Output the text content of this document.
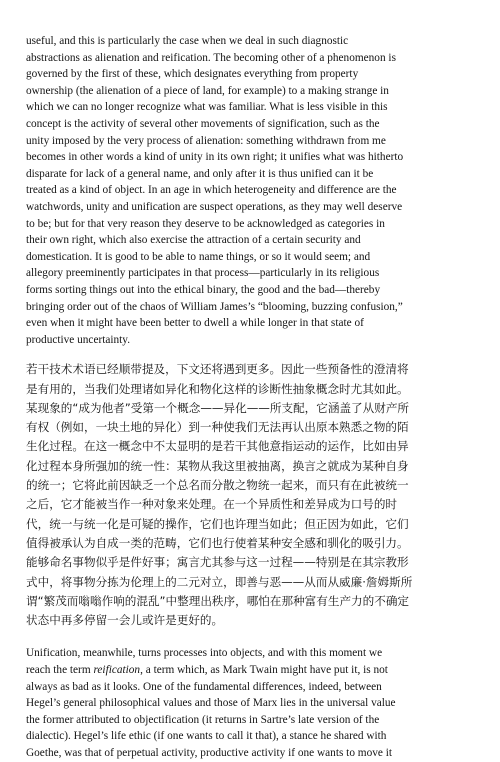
useful, and this is particularly the case when we deal in such diagnostic
abstractions as alienation and reification. The becoming other of a phenomenon is
governed by the first of these, which designates everything from property
ownership (the alienation of a piece of land, for example) to a making strange in
which we can no longer recognize what was familiar. What is less visible in this
concept is the activity of several other movements of signification, such as the
unity imposed by the very process of alienation: something withdrawn from me
becomes in other words a kind of unity in its own right; it unifies what was hitherto
disparate for lack of a general name, and only after it is thus unified can it be
treated as a kind of object. In an age in which heterogeneity and difference are the
watchwords, unity and unification are suspect operations, as they may well deserve
to be; but for that very reason they deserve to be acknowledged as categories in
their own right, which also exercise the attraction of a certain security and
domestication. It is good to be able to name things, or so it would seem; and
allegory preeminently participates in that process—particularly in its religious
forms sorting things out into the ethical binary, the good and the bad—thereby
bringing order out of the chaos of William James’s “blooming, buzzing confusion,”
even when it might have been better to dwell a while longer in that state of
productive uncertainty.

若干技术术语已经顺带提及，下文还将遇到更多。因此一些预备性的澄清将
是有用的，当我们处理诸如异化和物化这样的诊断性抽象概念时尤其如此。
某现象的“成为他者”受第一个概念——异化——所支配，它涵盖了从财产所
有权（例如，一块土地的异化）到一种使我们无法再认出原本熟悉之物的陌
生化过程。在这一概念中不太显明的是若干其他意指运动的运作，比如由异
化过程本身所强加的统一性：某物从我这里被抽离，换言之就成为某种自身
的统一；它将此前因缺乏一个总名而分散之物统一起来，而只有在此被统一
之后，它才能被当作一种对象来处理。在一个异质性和差异成为口号的时
代，统一与统一化是可疑的操作，它们也许理当如此；但正因为如此，它们
值得被承认为自成一类的范畴，它们也行使着某种安全感和驯化的吸引力。
能够命名事物似乎是件好事；寓言尤其参与这一过程——特别是在其宗教形
式中，将事物分拣为伦理上的二元对立，即善与恶——从而从威廉·詹姆斯所
谓“繁茂而嗡嗡作响的混乱”中整理出秩序，哪怕在那种富有生产力的不确定
状态中再多停留一会儿或许是更好的。

Unification, meanwhile, turns processes into objects, and with this moment we
reach the term reification, a term which, as Mark Twain might have put it, is not
always as bad as it looks. One of the fundamental differences, indeed, between
Hegel’s general philosophical values and those of Marx lies in the universal value
the former attributed to objectification (it returns in Sartre’s late version of the
dialectic). Hegel’s life ethic (if one wants to call it that), a stance he shared with
Goethe, was that of perpetual activity, productive activity if one wants to move it
